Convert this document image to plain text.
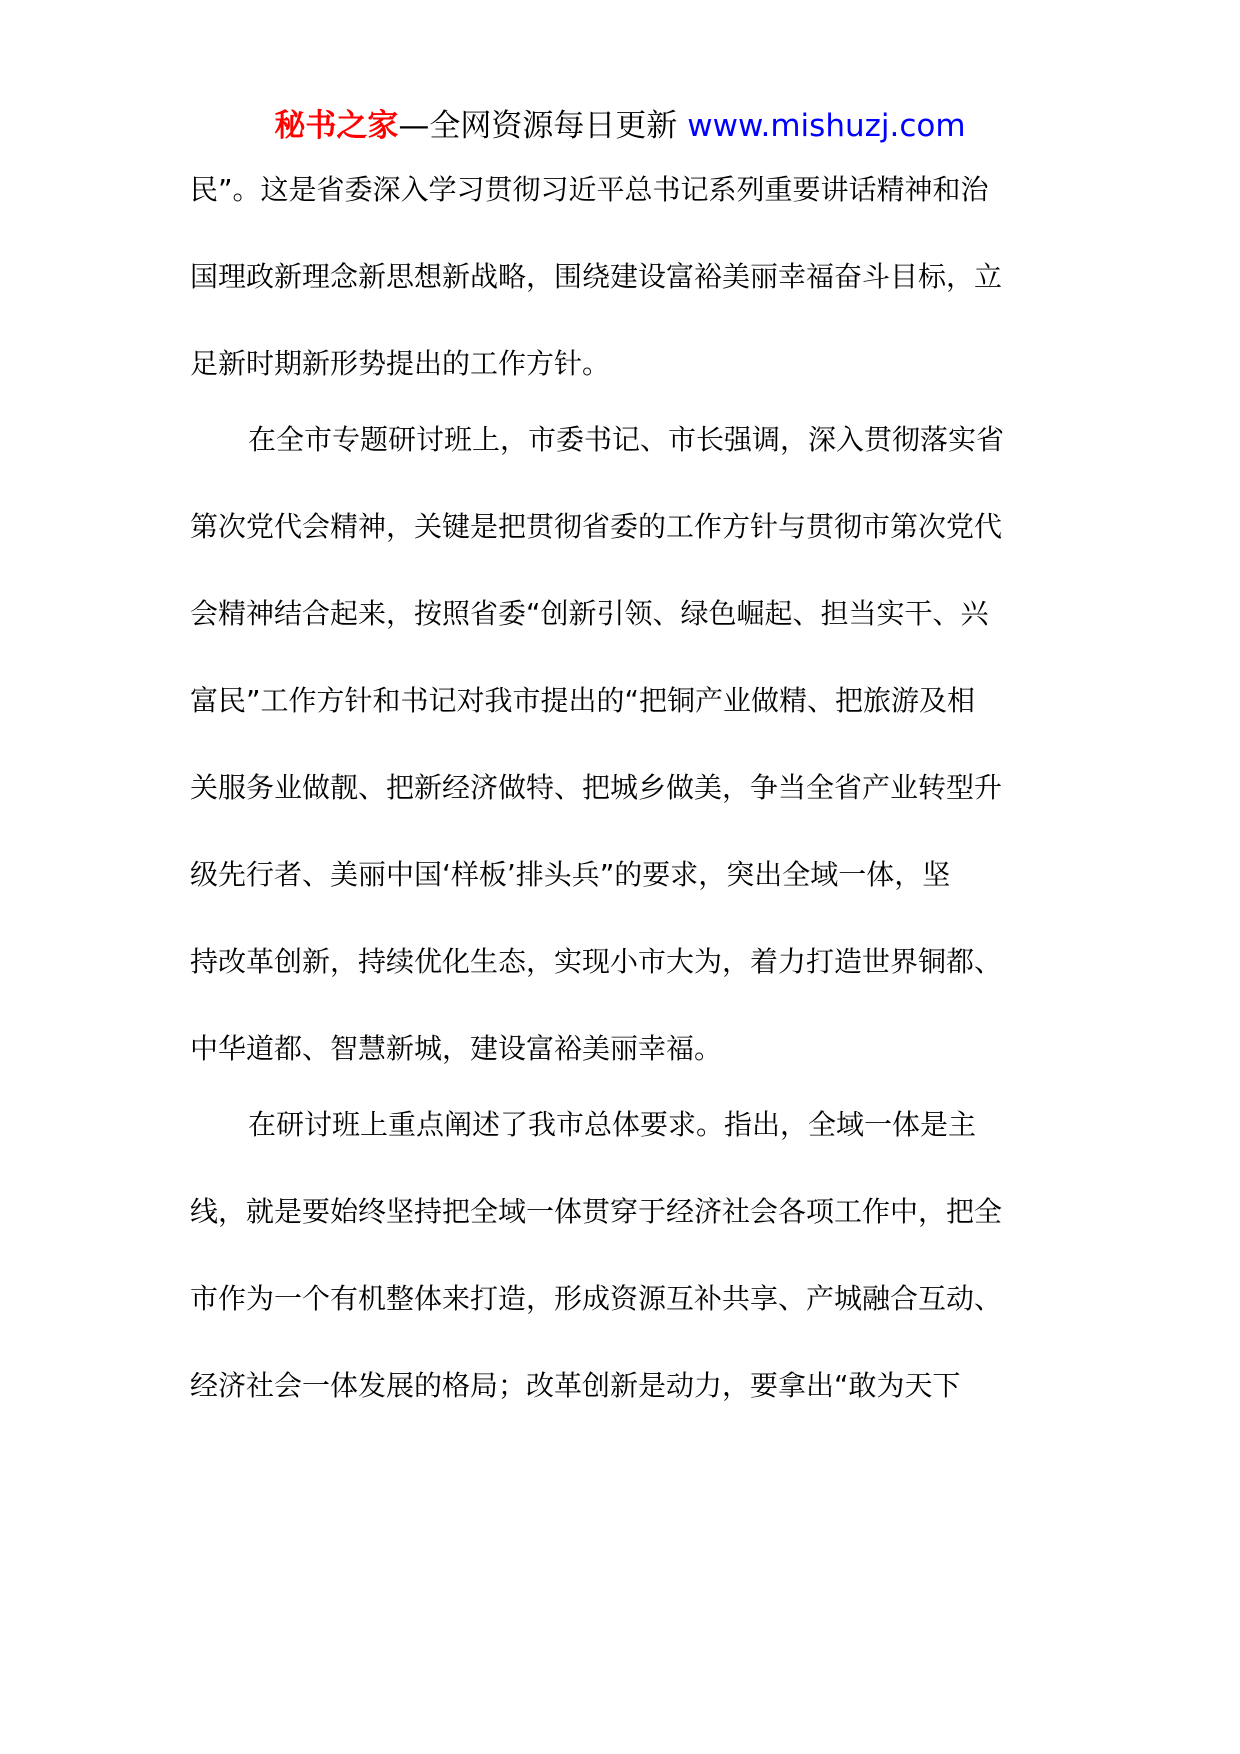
秘书之家—全网资源每日更新 www.mishuzj.com
民”。这是省委深入学习贯彻习近平总书记系列重要讲话精神和治
国理政新理念新思想新战略，围绕建设富裕美丽幸福奋斗目标，立
足新时期新形势提出的工作方针。
在全市专题研讨班上，市委书记、市长强调，深入贯彻落实省
第次党代会精神，关键是把贯彻省委的工作方针与贯彻市第次党代
会精神结合起来，按照省委“创新引领、绿色崛起、担当实干、兴
富民”工作方针和书记对我市提出的“把铜产业做精、把旅游及相
关服务业做靓、把新经济做特、把城乡做美，争当全省产业转型升
级先行者、美丽中国‘样板’排头兵”的要求，突出全域一体，坚
持改革创新，持续优化生态，实现小市大为，着力打造世界铜都、
中华道都、智慧新城，建设富裕美丽幸福。
在研讨班上重点阐述了我市总体要求。指出，全域一体是主
线，就是要始终坚持把全域一体贯穿于经济社会各项工作中，把全
市作为一个有机整体来打造，形成资源互补共享、产城融合互动、
经济社会一体发展的格局；改革创新是动力，要拿出“敢为天下
